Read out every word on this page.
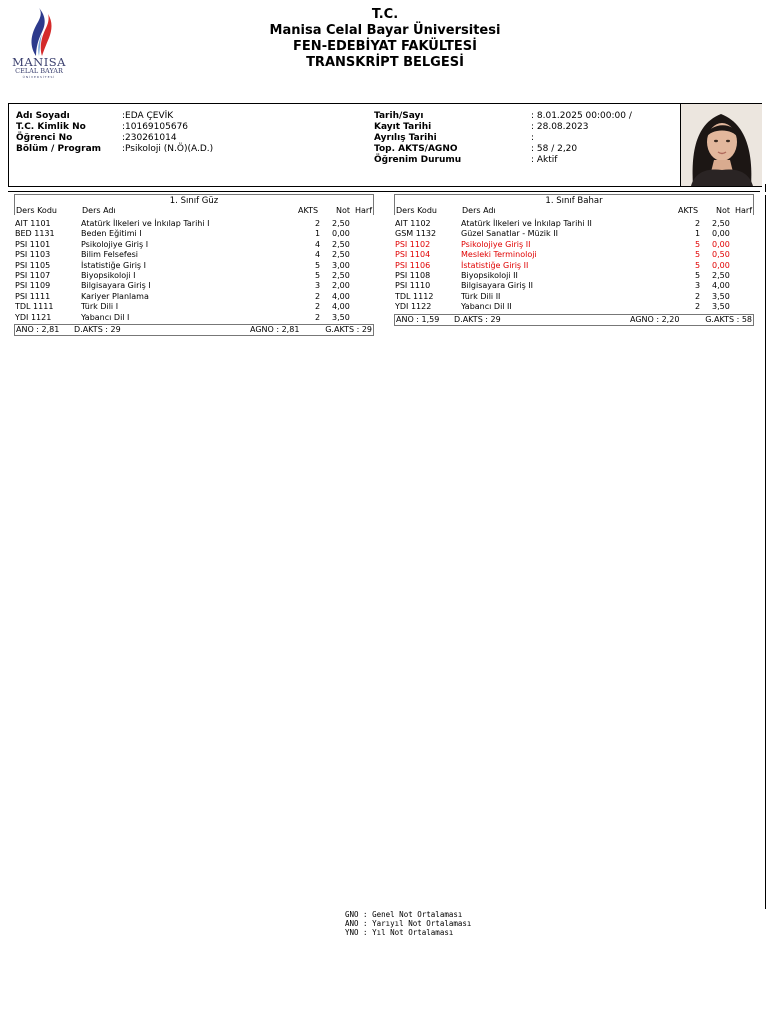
MANISA
CELAL BAYAR
ÜNİVERSİTESİ
T.C.
Manisa Celal Bayar Üniversitesi
FEN-EDEBİYAT FAKÜLTESİ
TRANSKRİPT BELGESİ
Adı Soyadı	:EDA ÇEVİK
T.C. Kimlik No	:10169105676
Öğrenci No	:230261014
Bölüm / Program :Psikoloji (N.Ö)(A.D.)
Tarih/Sayı	: 8.01.2025 00:00:00 /
Kayıt Tarihi	: 28.08.2023
Ayrılış Tarihi	:
Top. AKTS/AGNO	: 58 / 2,20
Öğrenim Durumu	: Aktif
1. Sınıf Güz
Ders Kodu	Ders Adı	AKTS Not Harf
AIT 1101	Atatürk İlkeleri ve İnkılap Tarihi I	2 2,50
BED 1131	Beden Eğitimi I	1 0,00
PSI 1101	Psikolojiye Giriş I	4 2,50
PSI 1103	Bilim Felsefesi	4 2,50
PSI 1105	İstatistiğe Giriş I	5 3,00
PSI 1107	Biyopsikoloji I	5 2,50
PSI 1109	Bilgisayara Giriş I	3 2,00
PSI 1111	Kariyer Planlama	2 4,00
TDL 1111	Türk Dili I	2 4,00
YDI 1121	Yabancı Dil I	2 3,50
ANO : 2,81 D.AKTS : 29	AGNO : 2,81	G.AKTS : 29
1. Sınıf Bahar
Ders Kodu	Ders Adı	AKTS Not Harf
AIT 1102	Atatürk İlkeleri ve İnkılap Tarihi II	2 2,50
GSM 1132	Güzel Sanatlar - Müzik II	1 0,00
PSI 1102	Psikolojiye Giriş II	5 0,00
PSI 1104	Mesleki Terminoloji	5 0,50
PSI 1106	İstatistiğe Giriş II	5 0,00
PSI 1108	Biyopsikoloji II	5 2,50
PSI 1110	Bilgisayara Giriş II	3 4,00
TDL 1112	Türk Dili II	2 3,50
YDI 1122	Yabancı Dil II	2 3,50
ANO : 1,59 D.AKTS : 29	AGNO : 2,20	G.AKTS : 58
GNO : Genel Not Ortalaması
ANO : Yarıyıl Not Ortalaması
YNO : Yıl Not Ortalaması
